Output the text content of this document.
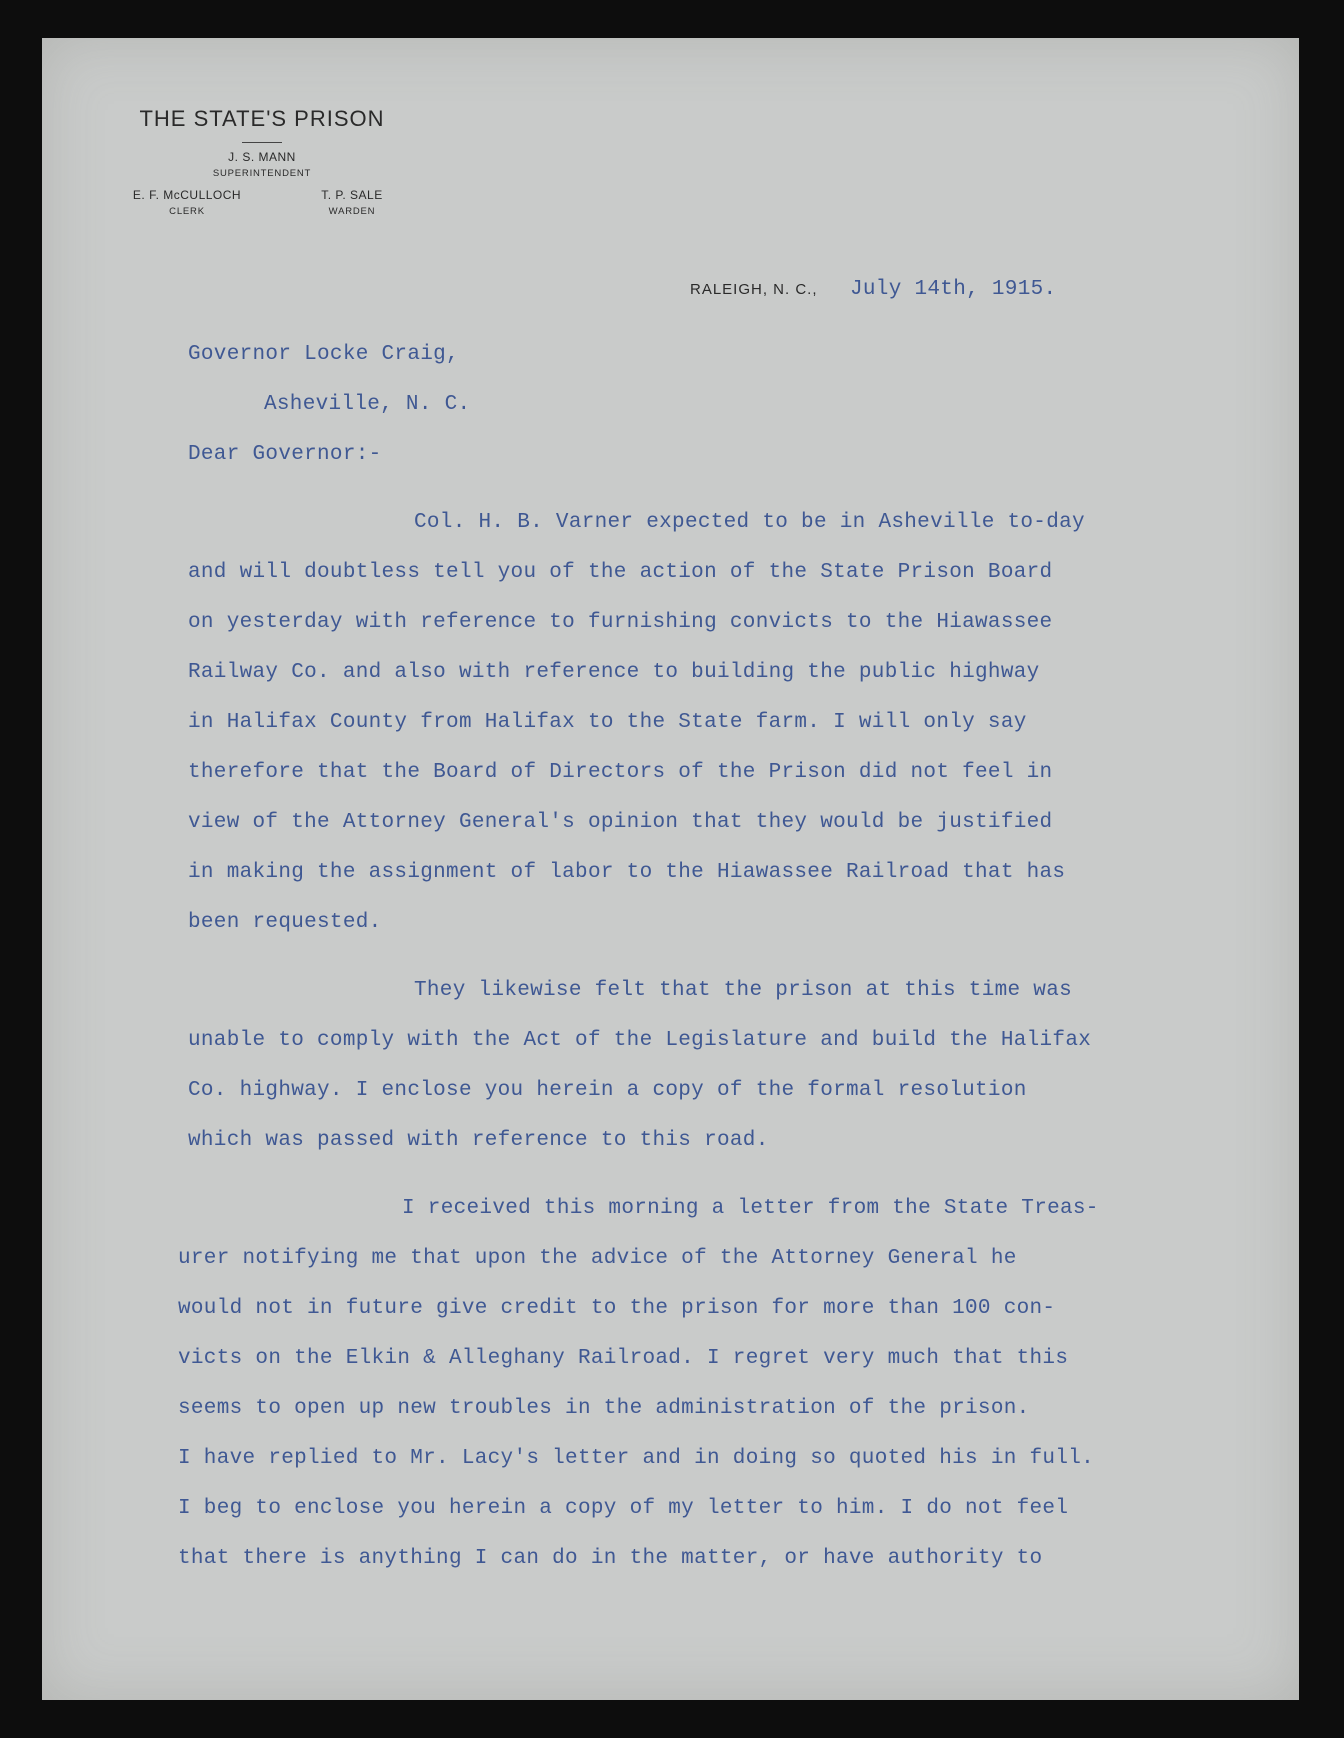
THE STATE'S PRISON
J. S. MANN
SUPERINTENDENT
E. F. McCULLOCH
CLERK
T. P. SALE
WARDEN
RALEIGH, N. C., July 14th, 1915.
Governor Locke Craig,
Asheville, N. C.
Dear Governor:-
Col. H. B. Varner expected to be in Asheville to-day
and will doubtless tell you of the action of the State Prison Board
on yesterday with reference to furnishing convicts to the Hiawassee
Railway Co. and also with reference to building the public highway
in Halifax County from Halifax to the State farm. I will only say
therefore that the Board of Directors of the Prison did not feel in
view of the Attorney General's opinion that they would be justified
in making the assignment of labor to the Hiawassee Railroad that has
been requested.
They likewise felt that the prison at this time was
unable to comply with the Act of the Legislature and build the Halifax
Co. highway. I enclose you herein a copy of the formal resolution
which was passed with reference to this road.
I received this morning a letter from the State Treas-
urer notifying me that upon the advice of the Attorney General he
would not in future give credit to the prison for more than 100 con-
victs on the Elkin & Alleghany Railroad. I regret very much that this
seems to open up new troubles in the administration of the prison.
I have replied to Mr. Lacy's letter and in doing so quoted his in full.
I beg to enclose you herein a copy of my letter to him. I do not feel
that there is anything I can do in the matter, or have authority to
